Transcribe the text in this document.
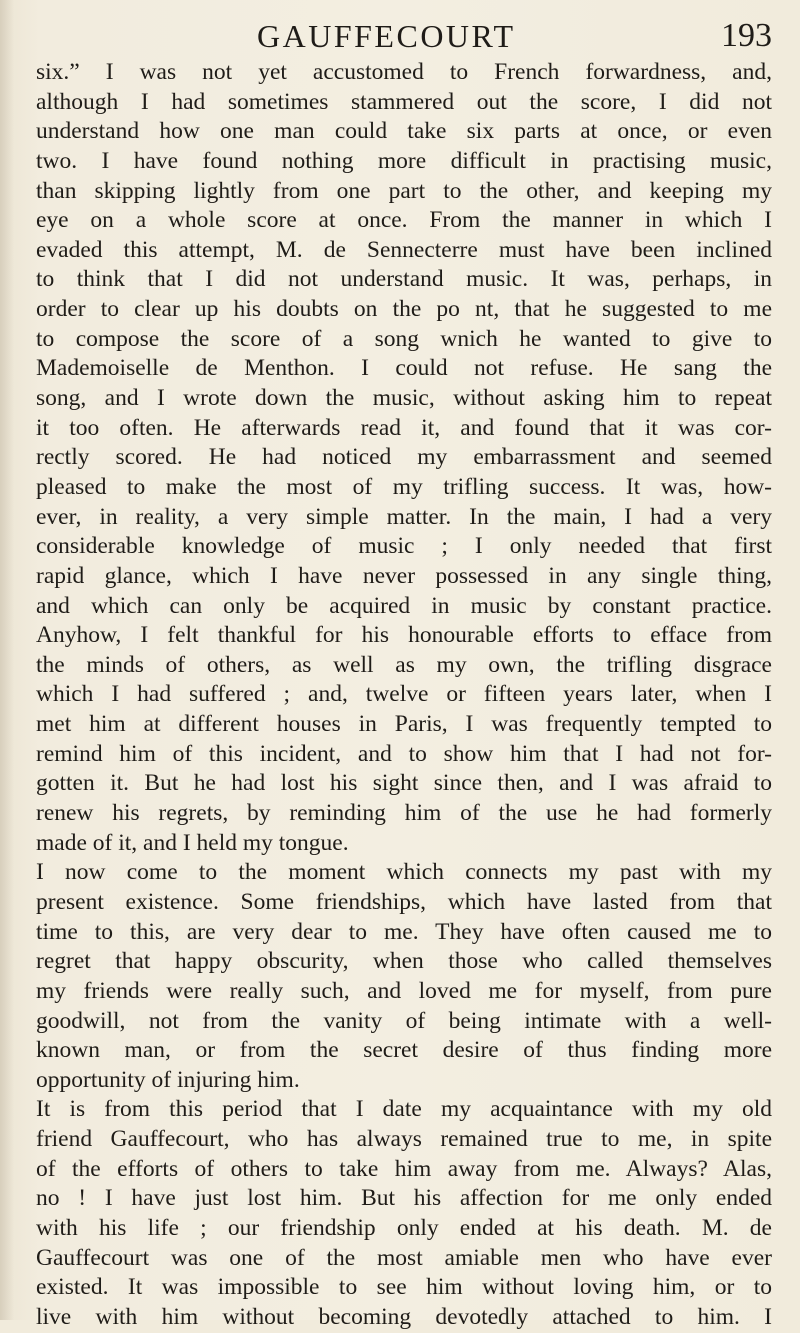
GAUFFECOURT	193
six.” I was not yet accustomed to French forwardness, and,
although I had sometimes stammered out the score, I did not
understand how one man could take six parts at once, or even
two. I have found nothing more difficult in practising music,
than skipping lightly from one part to the other, and keeping my
eye on a whole score at once. From the manner in which I
evaded this attempt, M. de Sennecterre must have been inclined
to think that I did not understand music. It was, perhaps, in
order to clear up his doubts on the po nt, that he suggested to me
to compose the score of a song wnich he wanted to give to
Mademoiselle de Menthon. I could not refuse. He sang the
song, and I wrote down the music, without asking him to repeat
it too often. He afterwards read it, and found that it was cor-
rectly scored. He had noticed my embarrassment and seemed
pleased to make the most of my trifling success. It was, how-
ever, in reality, a very simple matter. In the main, I had a very
considerable knowledge of music ; I only needed that first
rapid glance, which I have never possessed in any single thing,
and which can only be acquired in music by constant practice.
Anyhow, I felt thankful for his honourable efforts to efface from
the minds of others, as well as my own, the trifling disgrace
which I had suffered ; and, twelve or fifteen years later, when I
met him at different houses in Paris, I was frequently tempted to
remind him of this incident, and to show him that I had not for-
gotten it. But he had lost his sight since then, and I was afraid to
renew his regrets, by reminding him of the use he had formerly
made of it, and I held my tongue.
I now come to the moment which connects my past with my
present existence. Some friendships, which have lasted from that
time to this, are very dear to me. They have often caused me to
regret that happy obscurity, when those who called themselves
my friends were really such, and loved me for myself, from pure
goodwill, not from the vanity of being intimate with a well-
known man, or from the secret desire of thus finding more
opportunity of injuring him.
It is from this period that I date my acquaintance with my old
friend Gauffecourt, who has always remained true to me, in spite
of the efforts of others to take him away from me. Always? Alas,
no ! I have just lost him. But his affection for me only ended
with his life ; our friendship only ended at his death. M. de
Gauffecourt was one of the most amiable men who have ever
existed. It was impossible to see him without loving him, or to
live with him without becoming devotedly attached to him. I
